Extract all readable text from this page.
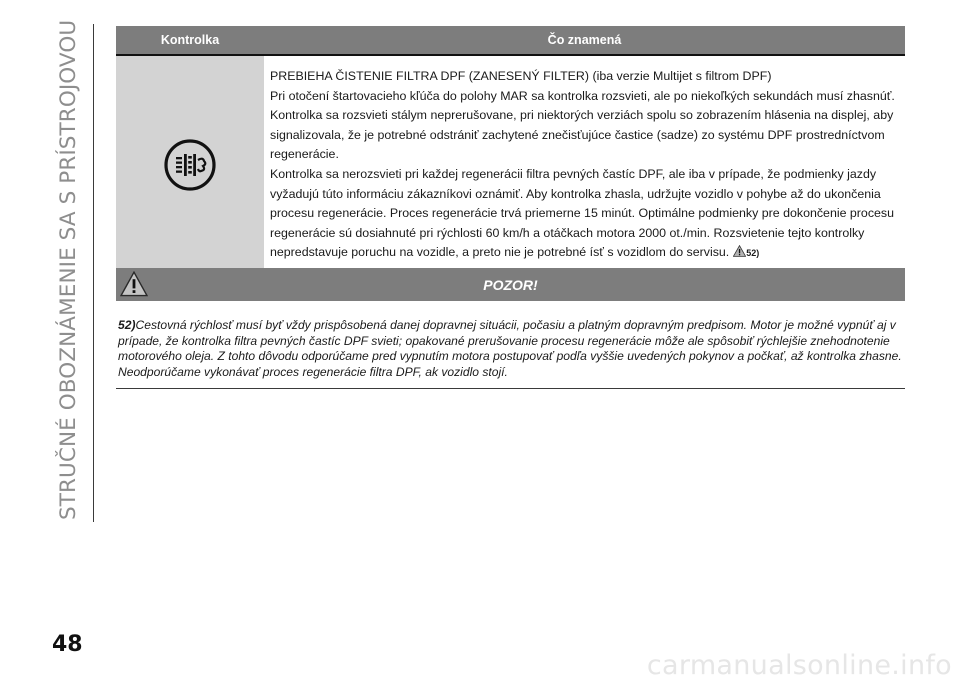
STRUČNÉ OBOZNÁMENIE SA S PRÍSTROJOVOU	Kontrolka	Čo znamená

PREBIEHA ČISTENIE FILTRA DPF (ZANESENÝ FILTER) (iba verzie Multijet s filtrom DPF)

Pri otočení štartovacieho kľúča do polohy MAR sa kontrolka rozsvieti, ale po niekoľkých sekundách musí zhasnúť. Kontrolka sa rozsvieti stálym neprerušovane, pri niektorých verziách spolu so zobrazením hlásenia na displej, aby signalizovala, že je potrebné odstrániť zachytené znečisťujúce častice (sadze) zo systému DPF prostredníctvom regenerácie.

Kontrolka sa nerozsvieti pri každej regenerácii filtra pevných častíc DPF, ale iba v prípade, že podmienky jazdy vyžadujú túto informáciu zákazníkovi oznámiť. Aby kontrolka zhasla, udržujte vozidlo v pohybe až do ukončenia procesu regenerácie. Proces regenerácie trvá priemerne 15 minút. Optimálne podmienky pre dokončenie procesu regenerácie sú dosiahnuté pri rýchlosti 60 km/h a otáčkach motora 2000 ot./min. Rozsvietenie tejto kontrolky nepredstavuje poruchu na vozidle, a preto nie je potrebné ísť s vozidlom do servisu. 52)

POZOR!
52)Cestovná rýchlosť musí byť vždy prispôsobená danej dopravnej situácii, počasiu a platným dopravným predpisom. Motor je možné vypnúť aj v prípade, že kontrolka filtra pevných častíc DPF svieti; opakované prerušovanie procesu regenerácie môže ale spôsobiť rýchlejšie znehodnotenie motorového oleja. Z tohto dôvodu odporúčame pred vypnutím motora postupovať podľa vyššie uvedených pokynov a počkať, až kontrolka zhasne. Neodporúčame vykonávať proces regenerácie filtra DPF, ak vozidlo stojí.
48
carmanualsonline.info
